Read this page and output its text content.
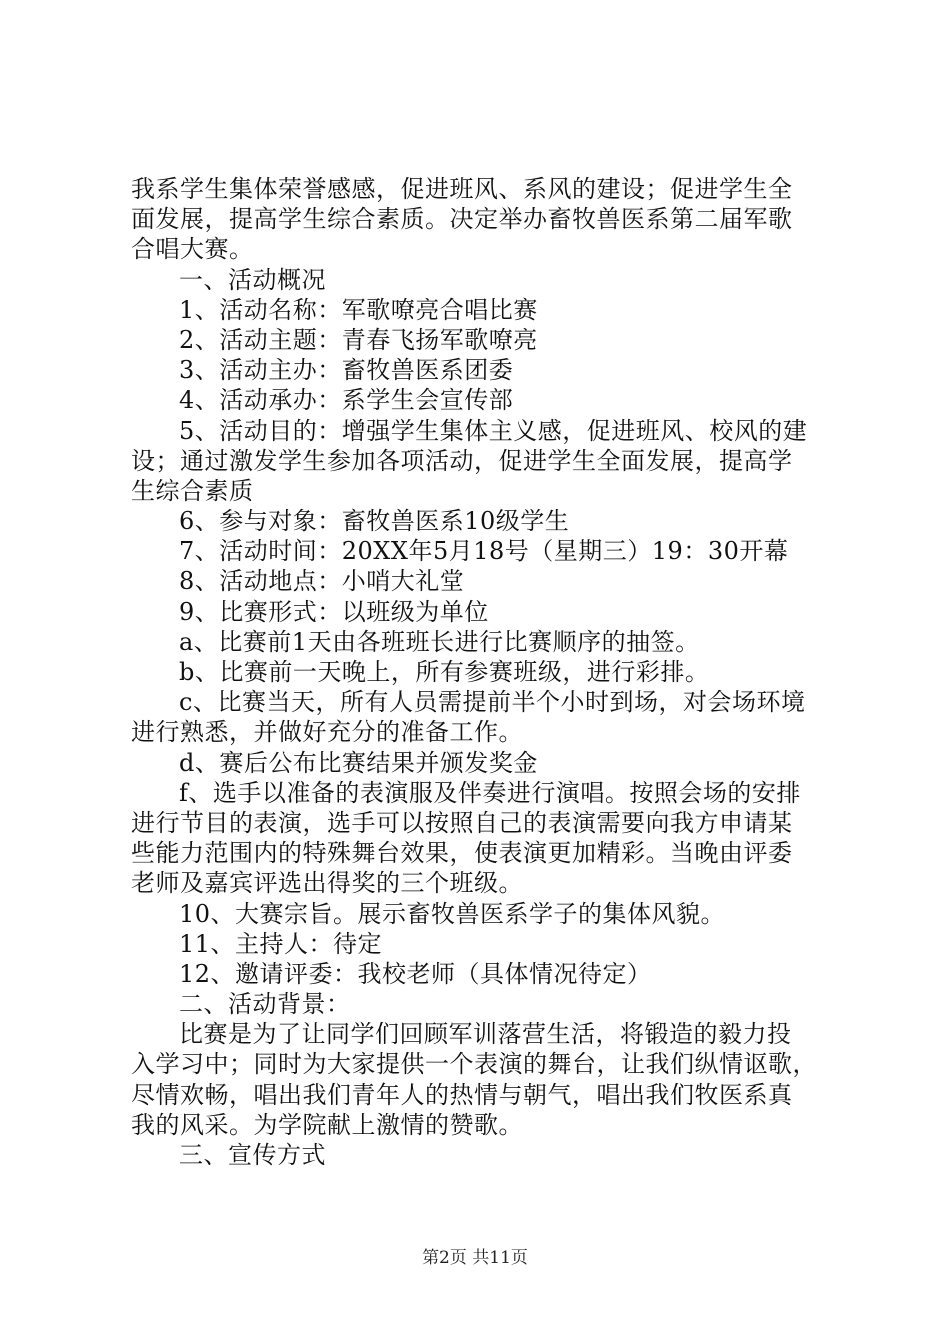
我系学生集体荣誉感感，促进班风、系风的建设；促进学生全
面发展，提高学生综合素质。决定举办畜牧兽医系第二届军歌
合唱大赛。
一、活动概况
1、活动名称：军歌嘹亮合唱比赛
2、活动主题：青春飞扬军歌嘹亮
3、活动主办：畜牧兽医系团委
4、活动承办：系学生会宣传部
5、活动目的：增强学生集体主义感，促进班风、校风的建
设；通过激发学生参加各项活动，促进学生全面发展，提高学
生综合素质
6、参与对象：畜牧兽医系10级学生
7、活动时间：20XX年5月18号（星期三）19：30开幕
8、活动地点：小哨大礼堂
9、比赛形式：以班级为单位
a、比赛前1天由各班班长进行比赛顺序的抽签。
b、比赛前一天晚上，所有参赛班级，进行彩排。
c、比赛当天，所有人员需提前半个小时到场，对会场环境
进行熟悉，并做好充分的准备工作。
d、赛后公布比赛结果并颁发奖金
f、选手以准备的表演服及伴奏进行演唱。按照会场的安排
进行节目的表演，选手可以按照自己的表演需要向我方申请某
些能力范围内的特殊舞台效果，使表演更加精彩。当晚由评委
老师及嘉宾评选出得奖的三个班级。
10、大赛宗旨。展示畜牧兽医系学子的集体风貌。
11、主持人：待定
12、邀请评委：我校老师（具体情况待定）
二、活动背景：
比赛是为了让同学们回顾军训落营生活，将锻造的毅力投
入学习中；同时为大家提供一个表演的舞台，让我们纵情讴歌，
尽情欢畅，唱出我们青年人的热情与朝气，唱出我们牧医系真
我的风采。为学院献上激情的赞歌。
三、宣传方式
第2页 共11页
